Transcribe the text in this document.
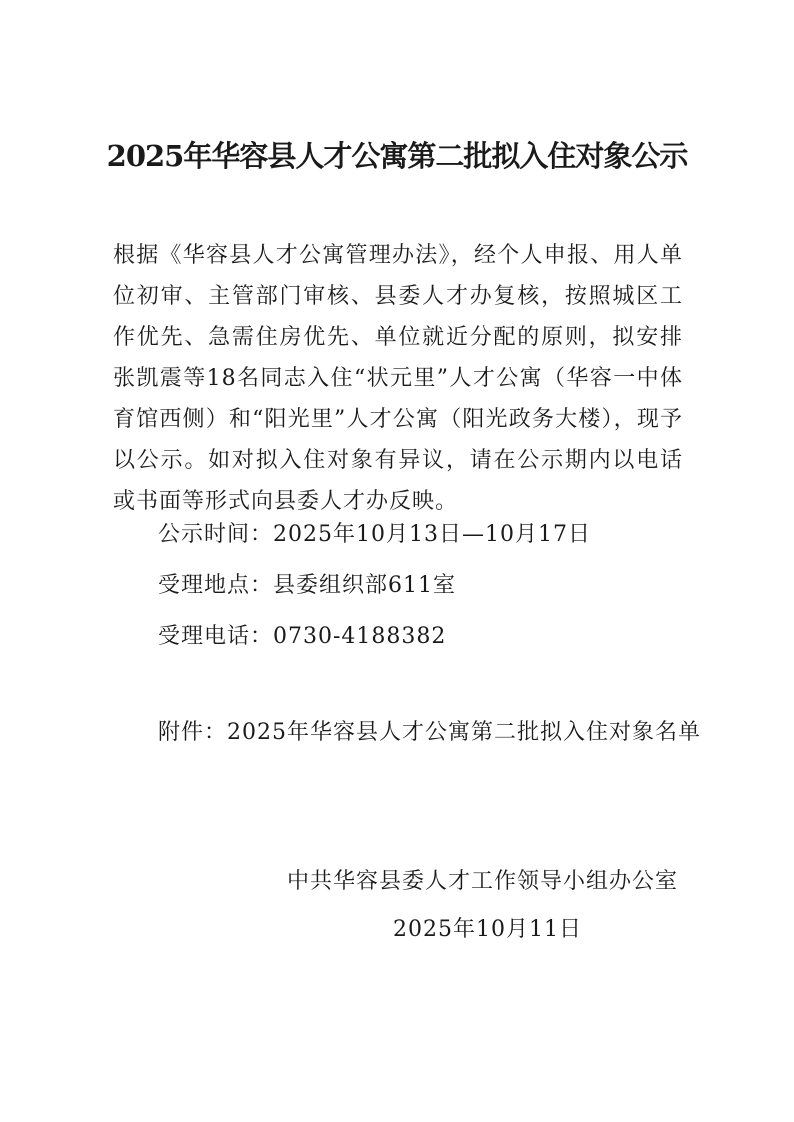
2025年华容县人才公寓第二批拟入住对象公示

根据《华容县人才公寓管理办法》，经个人申报、用人单位初审、主管部门审核、县委人才办复核，按照城区工作优先、急需住房优先、单位就近分配的原则，拟安排张凯震等18名同志入住“状元里”人才公寓（华容一中体育馆西侧）和“阳光里”人才公寓（阳光政务大楼），现予以公示。如对拟入住对象有异议，请在公示期内以电话或书面等形式向县委人才办反映。

公示时间：2025年10月13日—10月17日
受理地点：县委组织部611室
受理电话：0730-4188382
附件：2025年华容县人才公寓第二批拟入住对象名单
中共华容县委人才工作领导小组办公室
2025年10月11日
